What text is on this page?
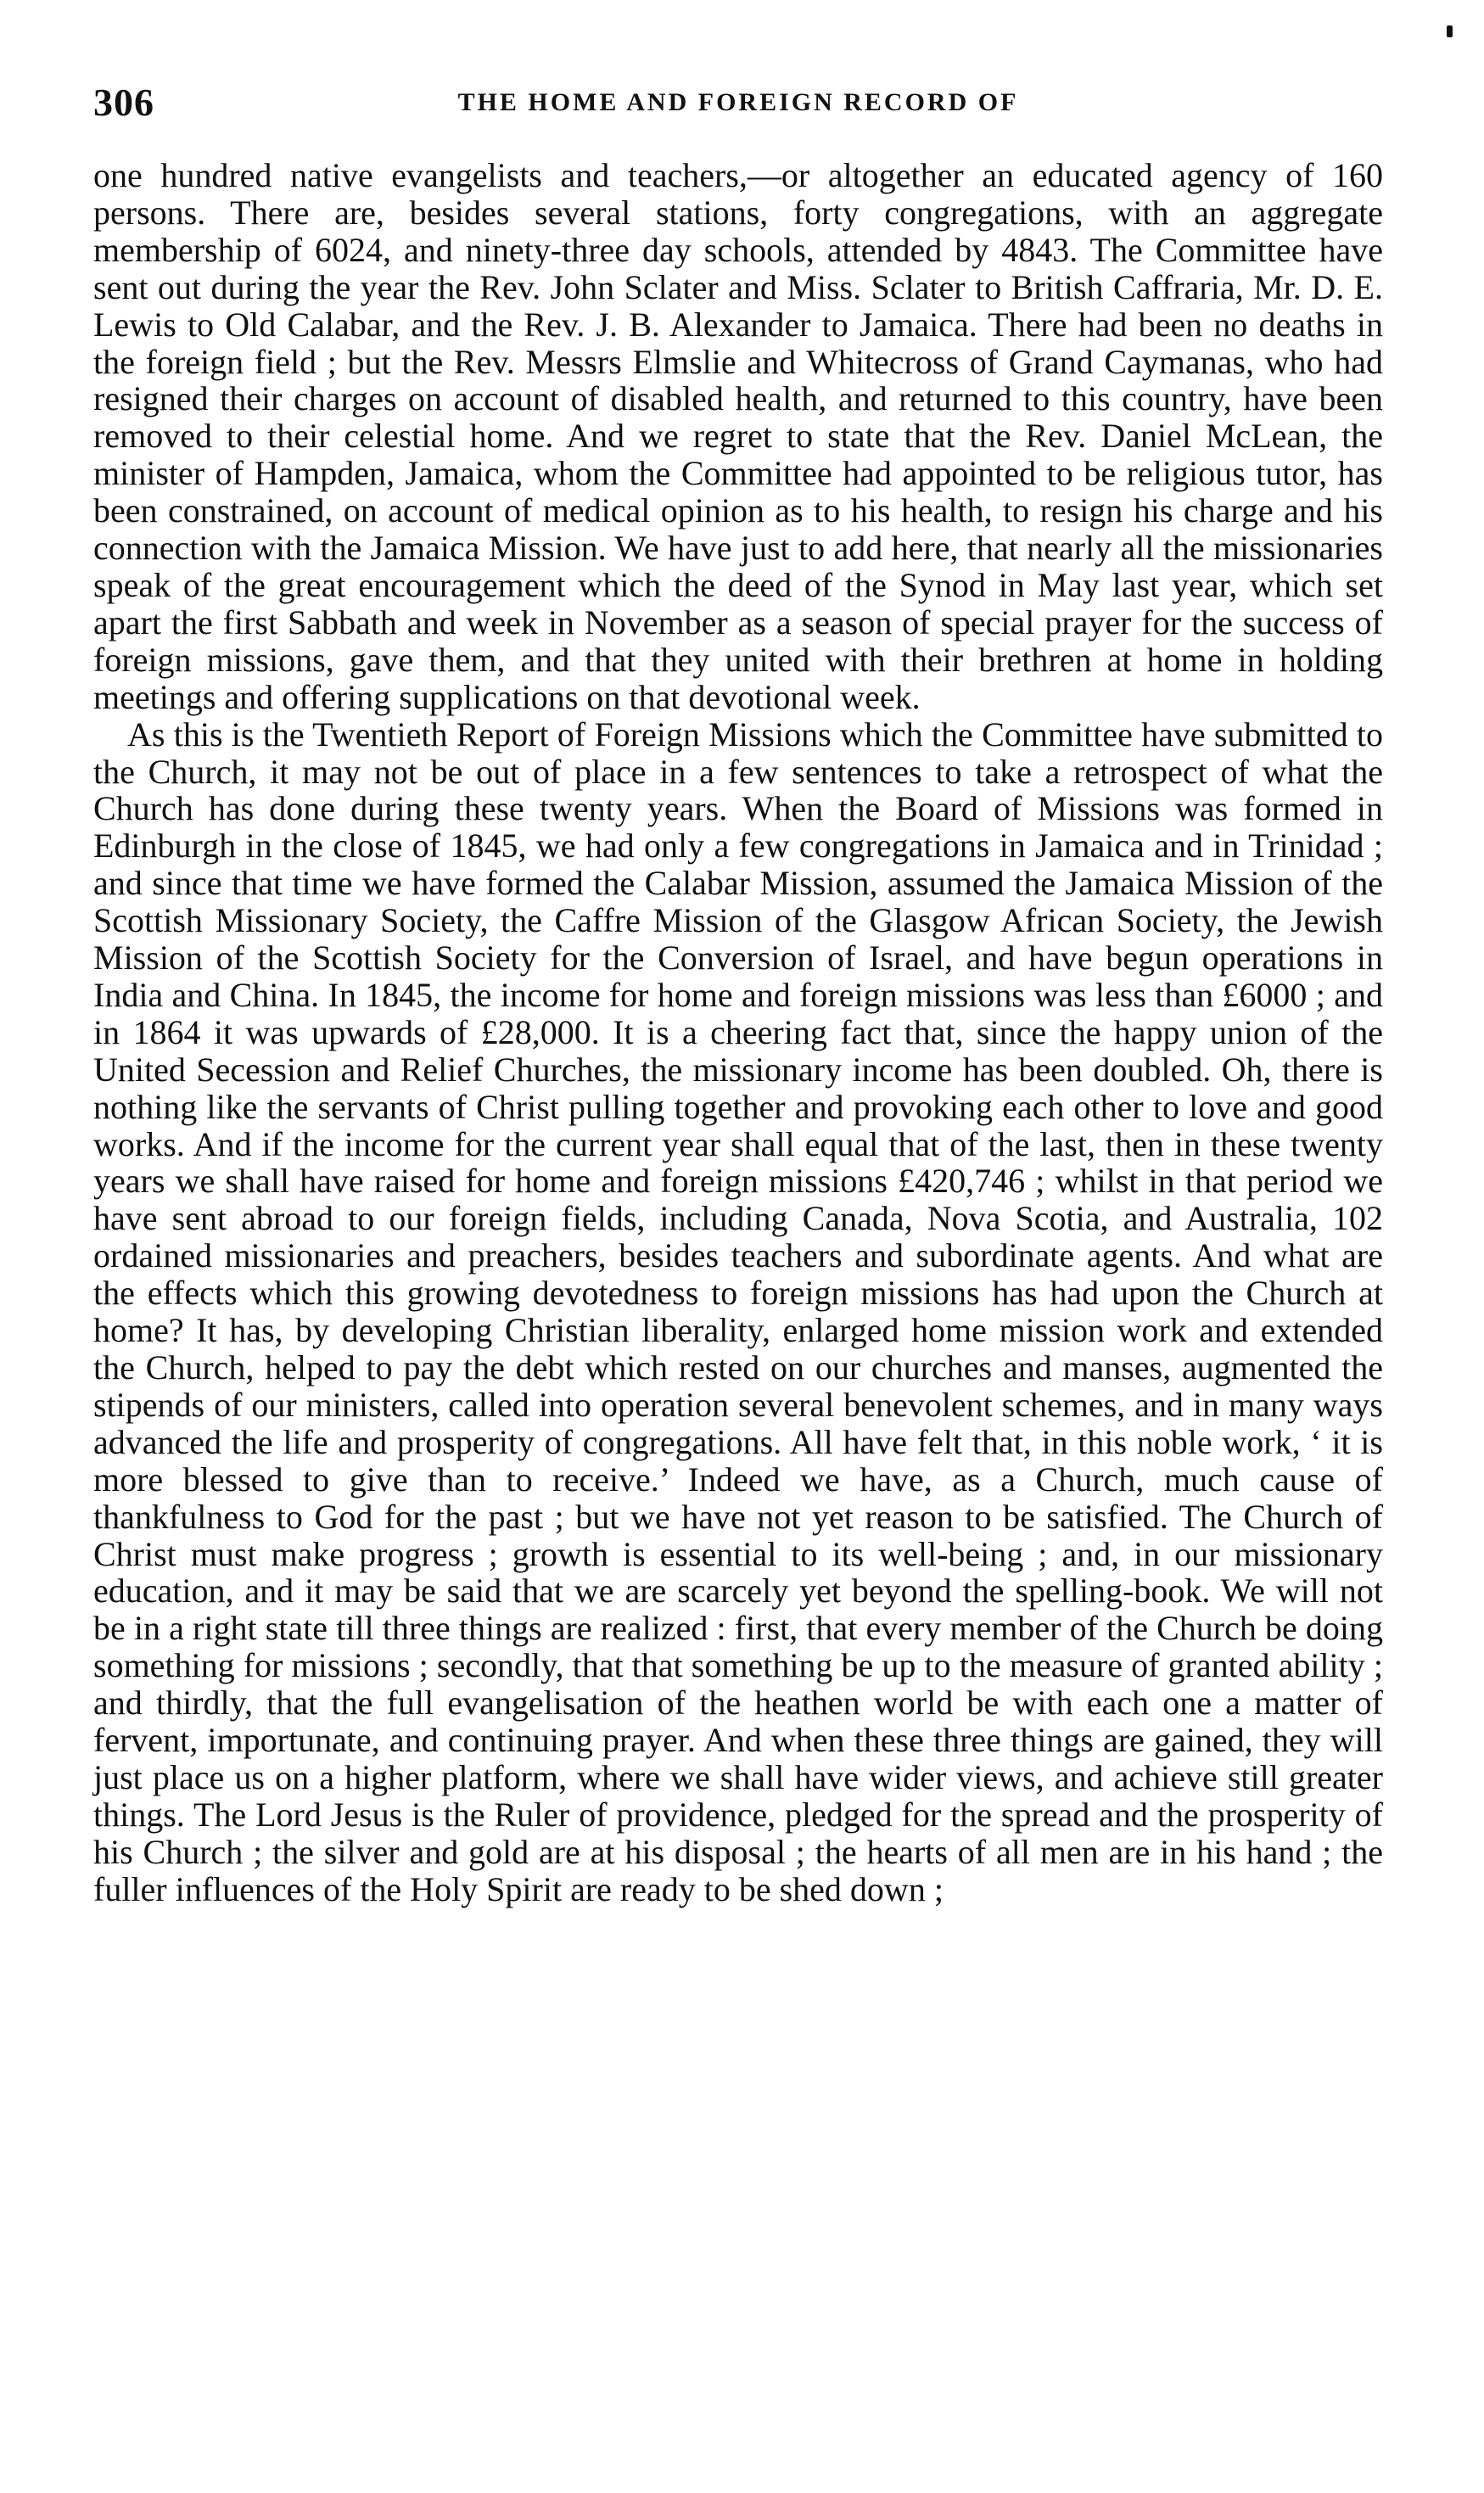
306	THE HOME AND FOREIGN RECORD OF

one hundred native evangelists and teachers,—or altogether an educated agency of 160 persons. There are, besides several stations, forty congregations, with an aggregate membership of 6024, and ninety-three day schools, attended by 4843. The Committee have sent out during the year the Rev. John Sclater and Miss. Sclater to British Caffraria, Mr. D. E. Lewis to Old Calabar, and the Rev. J. B. Alexander to Jamaica. There had been no deaths in the foreign field ; but the Rev. Messrs Elmslie and Whitecross of Grand Caymanas, who had resigned their charges on account of disabled health, and returned to this country, have been removed to their celestial home. And we regret to state that the Rev. Daniel McLean, the minister of Hampden, Jamaica, whom the Committee had appointed to be religious tutor, has been constrained, on account of medical opinion as to his health, to resign his charge and his connection with the Jamaica Mission. We have just to add here, that nearly all the missionaries speak of the great encouragement which the deed of the Synod in May last year, which set apart the first Sabbath and week in November as a season of special prayer for the success of foreign missions, gave them, and that they united with their brethren at home in holding meetings and offering supplications on that devotional week.

As this is the Twentieth Report of Foreign Missions which the Committee have submitted to the Church, it may not be out of place in a few sentences to take a retrospect of what the Church has done during these twenty years. When the Board of Missions was formed in Edinburgh in the close of 1845, we had only a few congregations in Jamaica and in Trinidad ; and since that time we have formed the Calabar Mission, assumed the Jamaica Mission of the Scottish Missionary Society, the Caffre Mission of the Glasgow African Society, the Jewish Mission of the Scottish Society for the Conversion of Israel, and have begun operations in India and China. In 1845, the income for home and foreign missions was less than £6000 ; and in 1864 it was upwards of £28,000. It is a cheering fact that, since the happy union of the United Secession and Relief Churches, the missionary income has been doubled. Oh, there is nothing like the servants of Christ pulling together and provoking each other to love and good works. And if the income for the current year shall equal that of the last, then in these twenty years we shall have raised for home and foreign missions £420,746 ; whilst in that period we have sent abroad to our foreign fields, including Canada, Nova Scotia, and Australia, 102 ordained missionaries and preachers, besides teachers and subordinate agents. And what are the effects which this growing devotedness to foreign missions has had upon the Church at home? It has, by developing Christian liberality, enlarged home mission work and extended the Church, helped to pay the debt which rested on our churches and manses, augmented the stipends of our ministers, called into operation several benevolent schemes, and in many ways advanced the life and prosperity of congregations. All have felt that, in this noble work, ‘ it is more blessed to give than to receive.’ Indeed we have, as a Church, much cause of thankfulness to God for the past ; but we have not yet reason to be satisfied. The Church of Christ must make progress ; growth is essential to its well-being ; and, in our missionary education, and it may be said that we are scarcely yet beyond the spelling-book. We will not be in a right state till three things are realized : first, that every member of the Church be doing something for missions ; secondly, that that something be up to the measure of granted ability ; and thirdly, that the full evangelisation of the heathen world be with each one a matter of fervent, importunate, and continuing prayer. And when these three things are gained, they will just place us on a higher platform, where we shall have wider views, and achieve still greater things. The Lord Jesus is the Ruler of providence, pledged for the spread and the prosperity of his Church ; the silver and gold are at his disposal ; the hearts of all men are in his hand ; the fuller influences of the Holy Spirit are ready to be shed down ;
